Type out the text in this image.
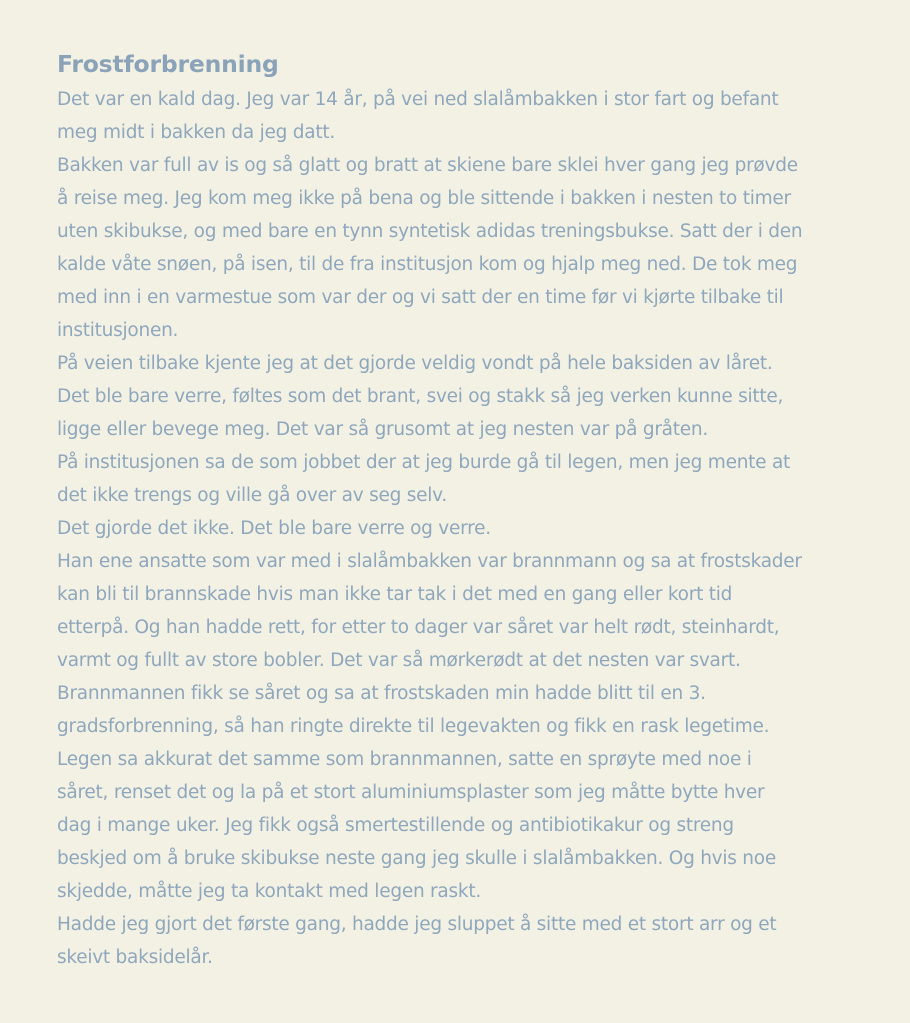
Frostforbrenning

Det var en kald dag. Jeg var 14 år, på vei ned slalåmbakken i stor fart og befant
meg midt i bakken da jeg datt.

Bakken var full av is og så glatt og bratt at skiene bare sklei hver gang jeg prøvde
å reise meg. Jeg kom meg ikke på bena og ble sittende i bakken i nesten to timer
uten skibukse, og med bare en tynn syntetisk adidas treningsbukse. Satt der i den
kalde våte snøen, på isen, til de fra institusjon kom og hjalp meg ned. De tok meg
med inn i en varmestue som var der og vi satt der en time før vi kjørte tilbake til
institusjonen.

På veien tilbake kjente jeg at det gjorde veldig vondt på hele baksiden av låret.
Det ble bare verre, føltes som det brant, svei og stakk så jeg verken kunne sitte,
ligge eller bevege meg. Det var så grusomt at jeg nesten var på gråten.

På institusjonen sa de som jobbet der at jeg burde gå til legen, men jeg mente at
det ikke trengs og ville gå over av seg selv.

Det gjorde det ikke. Det ble bare verre og verre.

Han ene ansatte som var med i slalåmbakken var brannmann og sa at frostskader
kan bli til brannskade hvis man ikke tar tak i det med en gang eller kort tid
etterpå. Og han hadde rett, for etter to dager var såret var helt rødt, steinhardt,
varmt og fullt av store bobler. Det var så mørkerødt at det nesten var svart.

Brannmannen fikk se såret og sa at frostskaden min hadde blitt til en 3.
gradsforbrenning, så han ringte direkte til legevakten og fikk en rask legetime.

Legen sa akkurat det samme som brannmannen, satte en sprøyte med noe i
såret, renset det og la på et stort aluminiumsplaster som jeg måtte bytte hver
dag i mange uker. Jeg fikk også smertestillende og antibiotikakur og streng
beskjed om å bruke skibukse neste gang jeg skulle i slalåmbakken. Og hvis noe
skjedde, måtte jeg ta kontakt med legen raskt.

Hadde jeg gjort det første gang, hadde jeg sluppet å sitte med et stort arr og et
skeivt baksidelår.
